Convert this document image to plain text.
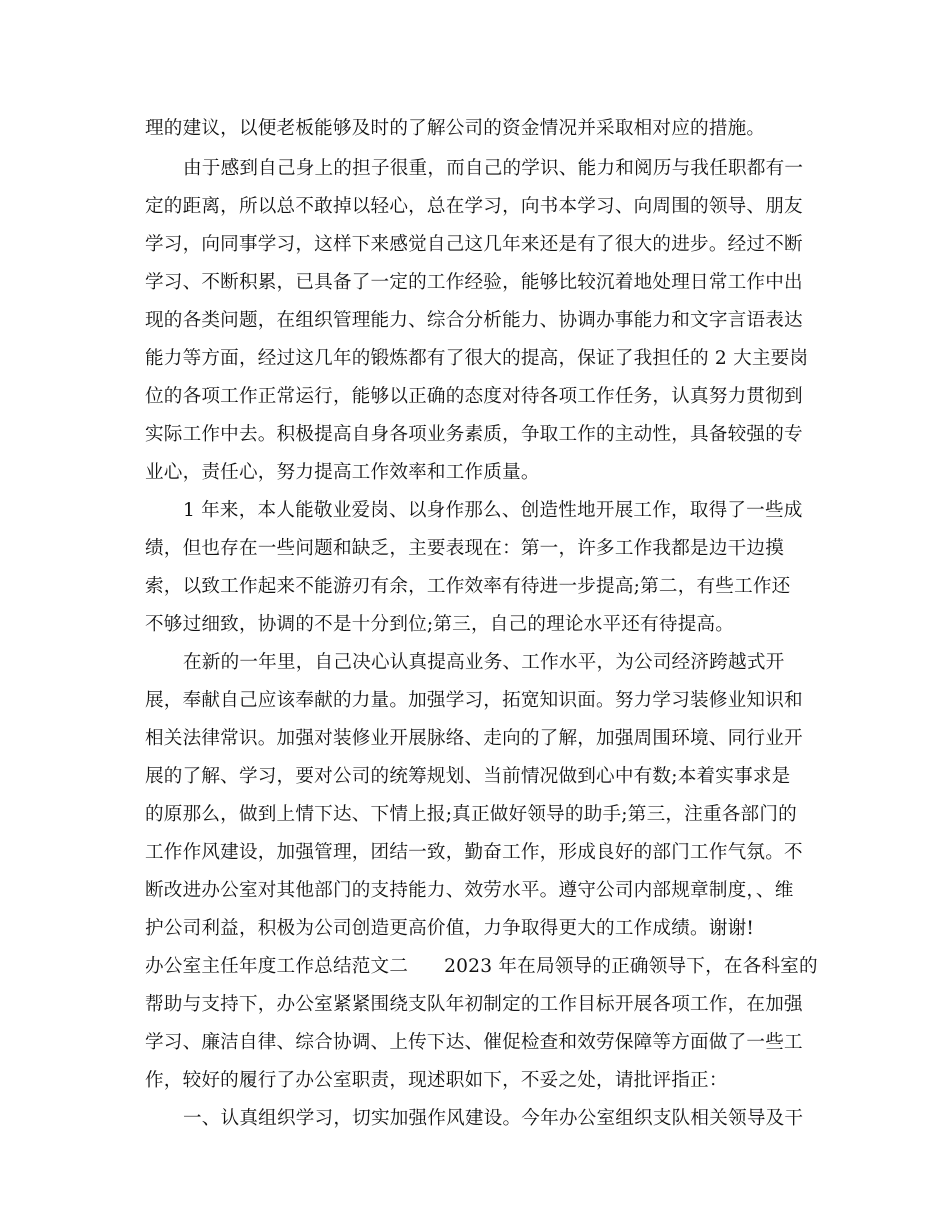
理的建议，以便老板能够及时的了解公司的资金情况并采取相对应的措施。
由于感到自己身上的担子很重，而自己的学识、能力和阅历与我任职都有一
定的距离，所以总不敢掉以轻心，总在学习，向书本学习、向周围的领导、朋友
学习，向同事学习，这样下来感觉自己这几年来还是有了很大的进步。经过不断
学习、不断积累，已具备了一定的工作经验，能够比较沉着地处理日常工作中出
现的各类问题，在组织管理能力、综合分析能力、协调办事能力和文字言语表达
能力等方面，经过这几年的锻炼都有了很大的提高，保证了我担任的 2 大主要岗
位的各项工作正常运行，能够以正确的态度对待各项工作任务，认真努力贯彻到
实际工作中去。积极提高自身各项业务素质，争取工作的主动性，具备较强的专
业心，责任心，努力提高工作效率和工作质量。
1 年来，本人能敬业爱岗、以身作那么、创造性地开展工作，取得了一些成
绩，但也存在一些问题和缺乏，主要表现在：第一，许多工作我都是边干边摸
索，以致工作起来不能游刃有余，工作效率有待进一步提高;第二，有些工作还
不够过细致，协调的不是十分到位;第三，自己的理论水平还有待提高。
在新的一年里，自己决心认真提高业务、工作水平，为公司经济跨越式开
展，奉献自己应该奉献的力量。加强学习，拓宽知识面。努力学习装修业知识和
相关法律常识。加强对装修业开展脉络、走向的了解，加强周围环境、同行业开
展的了解、学习，要对公司的统筹规划、当前情况做到心中有数;本着实事求是
的原那么，做到上情下达、下情上报;真正做好领导的助手;第三，注重各部门的
工作作风建设，加强管理，团结一致，勤奋工作，形成良好的部门工作气氛。不
断改进办公室对其他部门的支持能力、效劳水平。遵守公司内部规章制度，、维
护公司利益，积极为公司创造更高价值，力争取得更大的工作成绩。谢谢!
办公室主任年度工作总结范文二 2023 年在局领导的正确领导下，在各科室的
帮助与支持下，办公室紧紧围绕支队年初制定的工作目标开展各项工作，在加强
学习、廉洁自律、综合协调、上传下达、催促检查和效劳保障等方面做了一些工
作，较好的履行了办公室职责，现述职如下，不妥之处，请批评指正：
一、认真组织学习，切实加强作风建设。今年办公室组织支队相关领导及干
